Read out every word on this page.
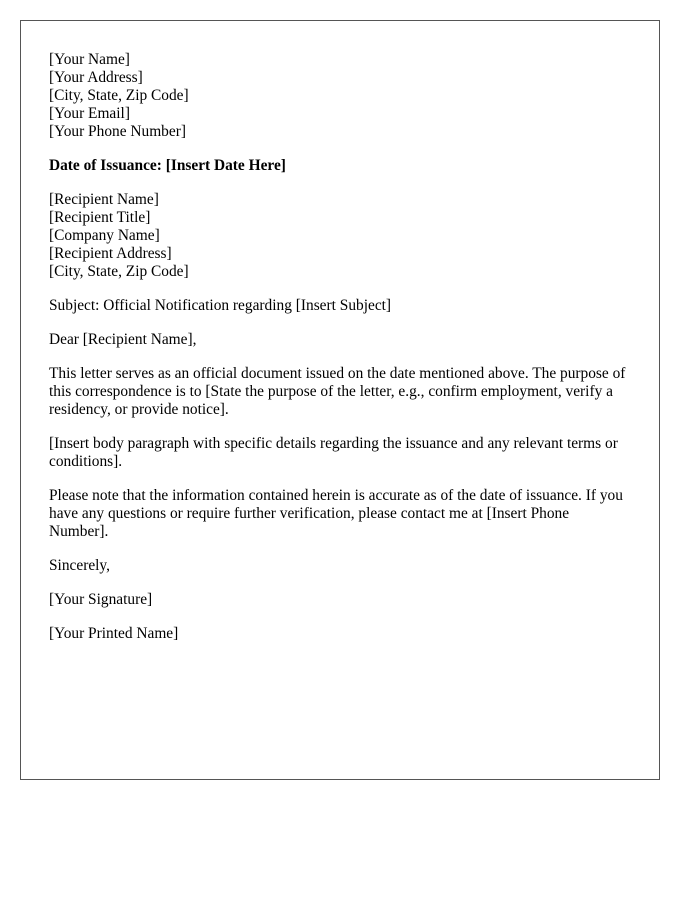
[Your Name]
[Your Address]
[City, State, Zip Code]
[Your Email]
[Your Phone Number]
Date of Issuance: [Insert Date Here]
[Recipient Name]
[Recipient Title]
[Company Name]
[Recipient Address]
[City, State, Zip Code]
Subject: Official Notification regarding [Insert Subject]
Dear [Recipient Name],

This letter serves as an official document issued on the date mentioned above. The purpose of this correspondence is to [State the purpose of the letter, e.g., confirm employment, verify a residency, or provide notice].

[Insert body paragraph with specific details regarding the issuance and any relevant terms or conditions].

Please note that the information contained herein is accurate as of the date of issuance. If you have any questions or require further verification, please contact me at [Insert Phone Number].

Sincerely,
[Your Signature]
[Your Printed Name]
